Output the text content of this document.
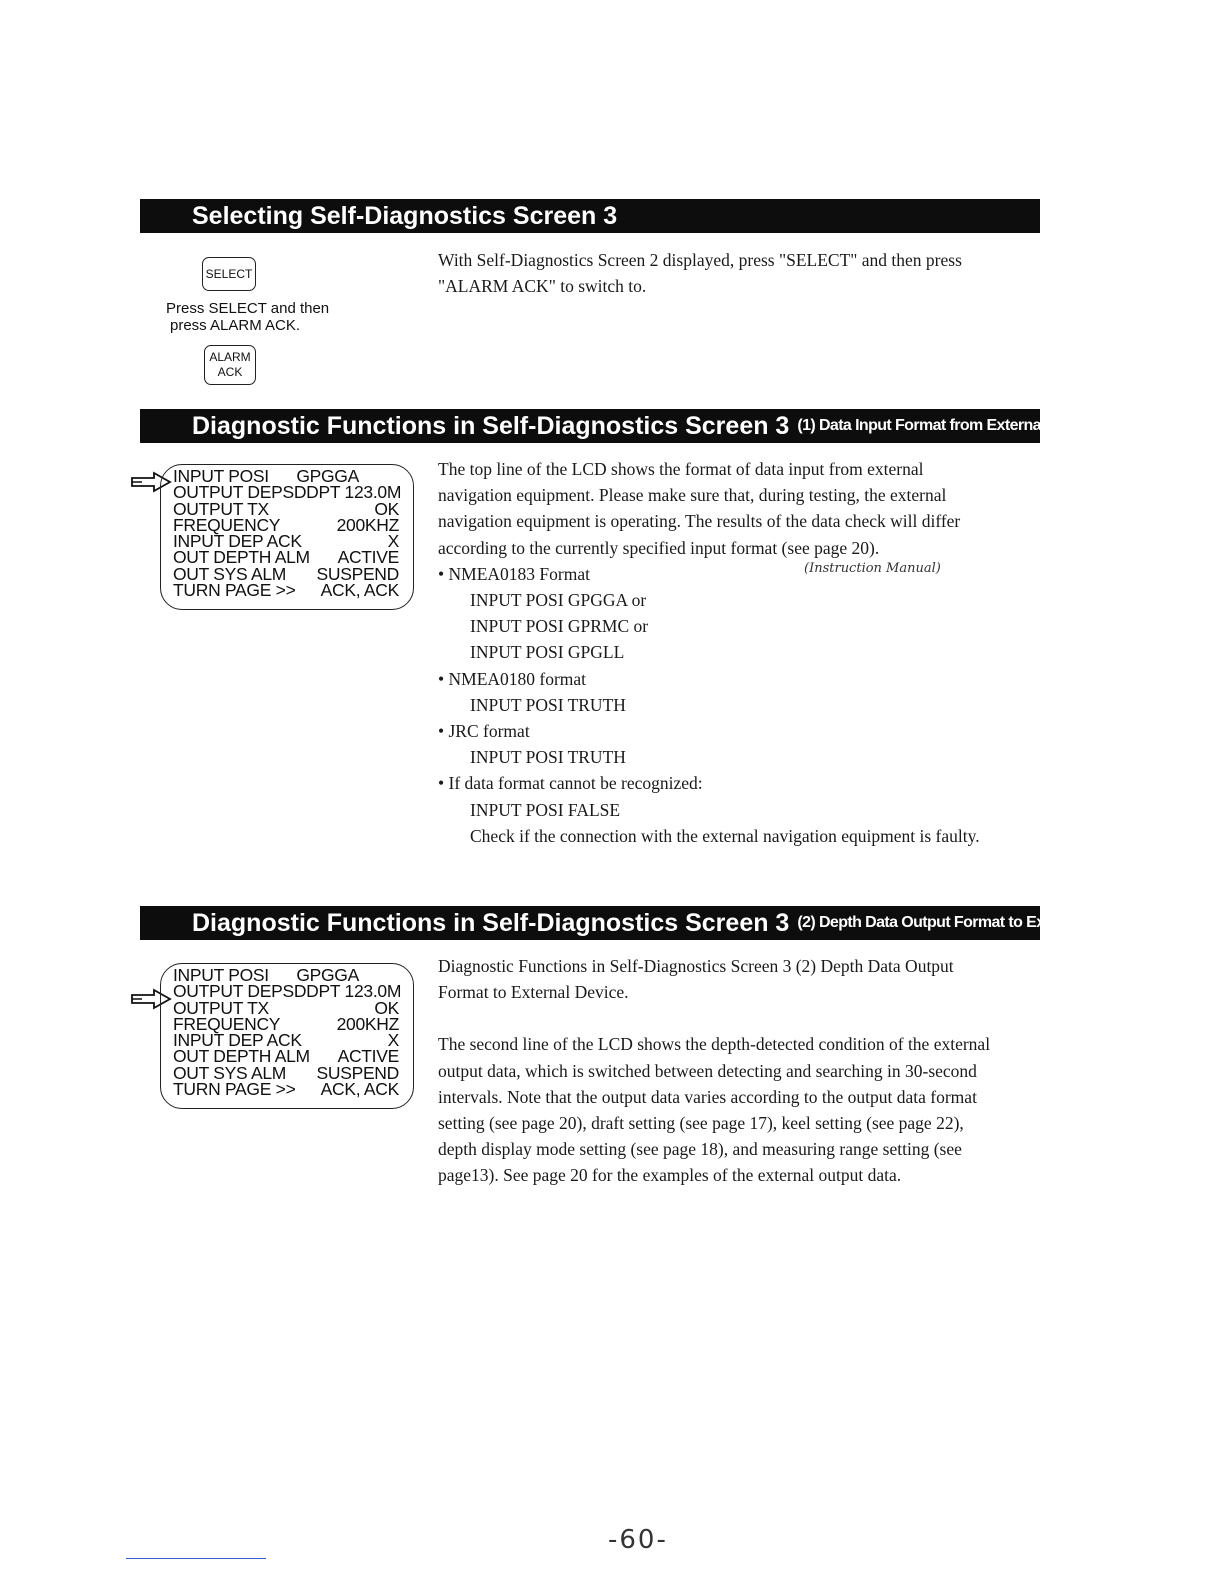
Selecting Self-Diagnostics Screen 3
SELECT
Press SELECT and then
press ALARM ACK.
ALARM
ACK

With Self-Diagnostics Screen 2 displayed, press "SELECT" and then press

"ALARM ACK" to switch to.

Diagnostic Functions in Self-Diagnostics Screen 3 (1) Data Input Format from External Navigation Equipment
INPUT POSI GPGGA
OUTPUT DEP SDDPT 123.0M
OUTPUT TX	OK
FREQUENCY	200KHZ
INPUT DEP ACK	X
OUT DEPTH ALM ACTIVE
OUT SYS ALM SUSPEND
TURN PAGE >> ACK, ACK

The top line of the LCD shows the format of data input from external

navigation equipment. Please make sure that, during testing, the external

navigation equipment is operating. The results of the data check will differ

according to the currently specified input format (see page 20).

• NMEA0183 Format

INPUT POSI GPGGA or

INPUT POSI GPRMC or

INPUT POSI GPGLL

• NMEA0180 format

INPUT POSI TRUTH

• JRC format

INPUT POSI TRUTH

• If data format cannot be recognized:

INPUT POSI FALSE

Check if the connection with the external navigation equipment is faulty.

(Instruction Manual)
Diagnostic Functions in Self-Diagnostics Screen 3 (2) Depth Data Output Format to External Device
INPUT POSI GPGGA
OUTPUT DEP SDDPT 123.0M
OUTPUT TX	OK
FREQUENCY	200KHZ
INPUT DEP ACK	X
OUT DEPTH ALM ACTIVE
OUT SYS ALM SUSPEND
TURN PAGE >> ACK, ACK

Diagnostic Functions in Self-Diagnostics Screen 3 (2) Depth Data Output

Format to External Device.

The second line of the LCD shows the depth-detected condition of the external

output data, which is switched between detecting and searching in 30-second

intervals. Note that the output data varies according to the output data format

setting (see page 20), draft setting (see page 17), keel setting (see page 22),

depth display mode setting (see page 18), and measuring range setting (see

page13). See page 20 for the examples of the external output data.

-60-
